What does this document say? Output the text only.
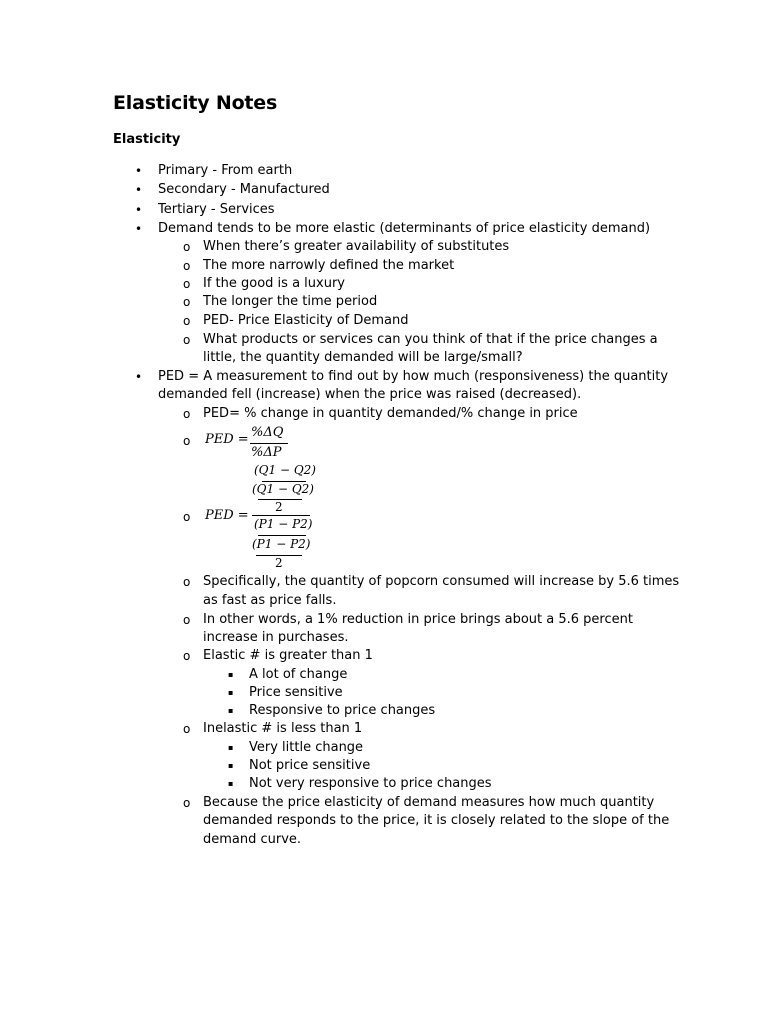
Elasticity Notes
Elasticity
• Primary - From earth
• Secondary - Manufactured
• Tertiary - Services
• Demand tends to be more elastic (determinants of price elasticity demand)
o When there’s greater availability of substitutes
o The more narrowly defined the market
o If the good is a luxury
o The longer the time period
o PED- Price Elasticity of Demand
o What products or services can you think of that if the price changes a
little, the quantity demanded will be large/small?
• PED = A measurement to find out by how much (responsiveness) the quantity
demanded fell (increase) when the price was raised (decreased).
o PED= % change in quantity demanded/% change in price
o PED = %ΔQ
%ΔP
o PED =
(Q1 − Q2)
(Q1 − Q2)
2
(P1 − P2)
(P1 − P2)
2
o Specifically, the quantity of popcorn consumed will increase by 5.6 times
as fast as price falls.
o In other words, a 1% reduction in price brings about a 5.6 percent
increase in purchases.
o Elastic # is greater than 1
▪ A lot of change
▪ Price sensitive
▪ Responsive to price changes
o Inelastic # is less than 1
▪ Very little change
▪ Not price sensitive
▪ Not very responsive to price changes
o Because the price elasticity of demand measures how much quantity
demanded responds to the price, it is closely related to the slope of the
demand curve.
